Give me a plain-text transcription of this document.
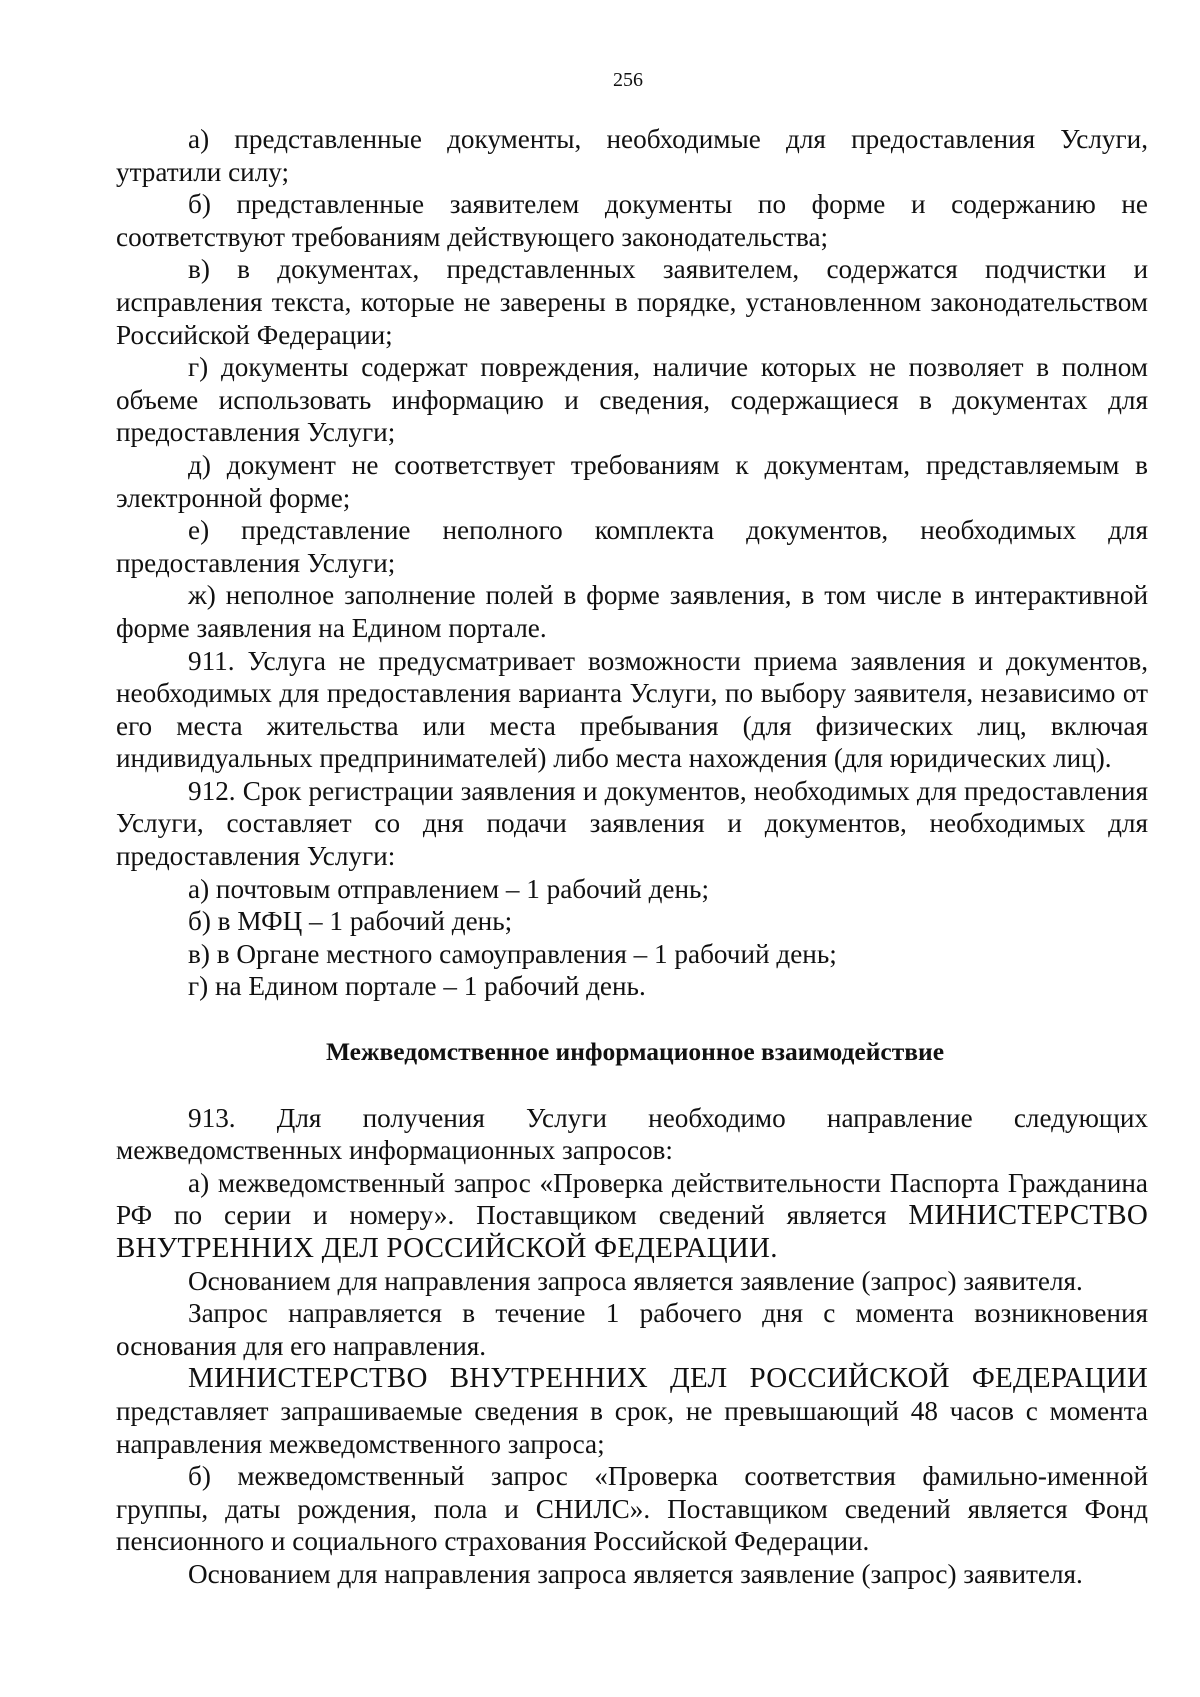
256

а) представленные документы, необходимые для предоставления Услуги, утратили силу;

б) представленные заявителем документы по форме и содержанию не соответствуют требованиям действующего законодательства;

в) в документах, представленных заявителем, содержатся подчистки и исправления текста, которые не заверены в порядке, установленном законодательством Российской Федерации;

г) документы содержат повреждения, наличие которых не позволяет в полном объеме использовать информацию и сведения, содержащиеся в документах для предоставления Услуги;

д) документ не соответствует требованиям к документам, представляемым в электронной форме;

е) представление неполного комплекта документов, необходимых для предоставления Услуги;

ж) неполное заполнение полей в форме заявления, в том числе в интерактивной форме заявления на Едином портале.

911. Услуга не предусматривает возможности приема заявления и документов, необходимых для предоставления варианта Услуги, по выбору заявителя, независимо от его места жительства или места пребывания (для физических лиц, включая индивидуальных предпринимателей) либо места нахождения (для юридических лиц).

912. Срок регистрации заявления и документов, необходимых для предоставления Услуги, составляет со дня подачи заявления и документов, необходимых для предоставления Услуги:

а) почтовым отправлением – 1 рабочий день;

б) в МФЦ – 1 рабочий день;

в) в Органе местного самоуправления – 1 рабочий день;

г) на Едином портале – 1 рабочий день.

Межведомственное информационное взаимодействие

913. Для получения Услуги необходимо направление следующих межведомственных информационных запросов:

а) межведомственный запрос «Проверка действительности Паспорта Гражданина РФ по серии и номеру». Поставщиком сведений является МИНИСТЕРСТВО ВНУТРЕННИХ ДЕЛ РОССИЙСКОЙ ФЕДЕРАЦИИ.

Основанием для направления запроса является заявление (запрос) заявителя.

Запрос направляется в течение 1 рабочего дня с момента возникновения основания для его направления.

МИНИСТЕРСТВО ВНУТРЕННИХ ДЕЛ РОССИЙСКОЙ ФЕДЕРАЦИИ представляет запрашиваемые сведения в срок, не превышающий 48 часов с момента направления межведомственного запроса;

б) межведомственный запрос «Проверка соответствия фамильно-именной группы, даты рождения, пола и СНИЛС». Поставщиком сведений является Фонд пенсионного и социального страхования Российской Федерации.

Основанием для направления запроса является заявление (запрос) заявителя.
